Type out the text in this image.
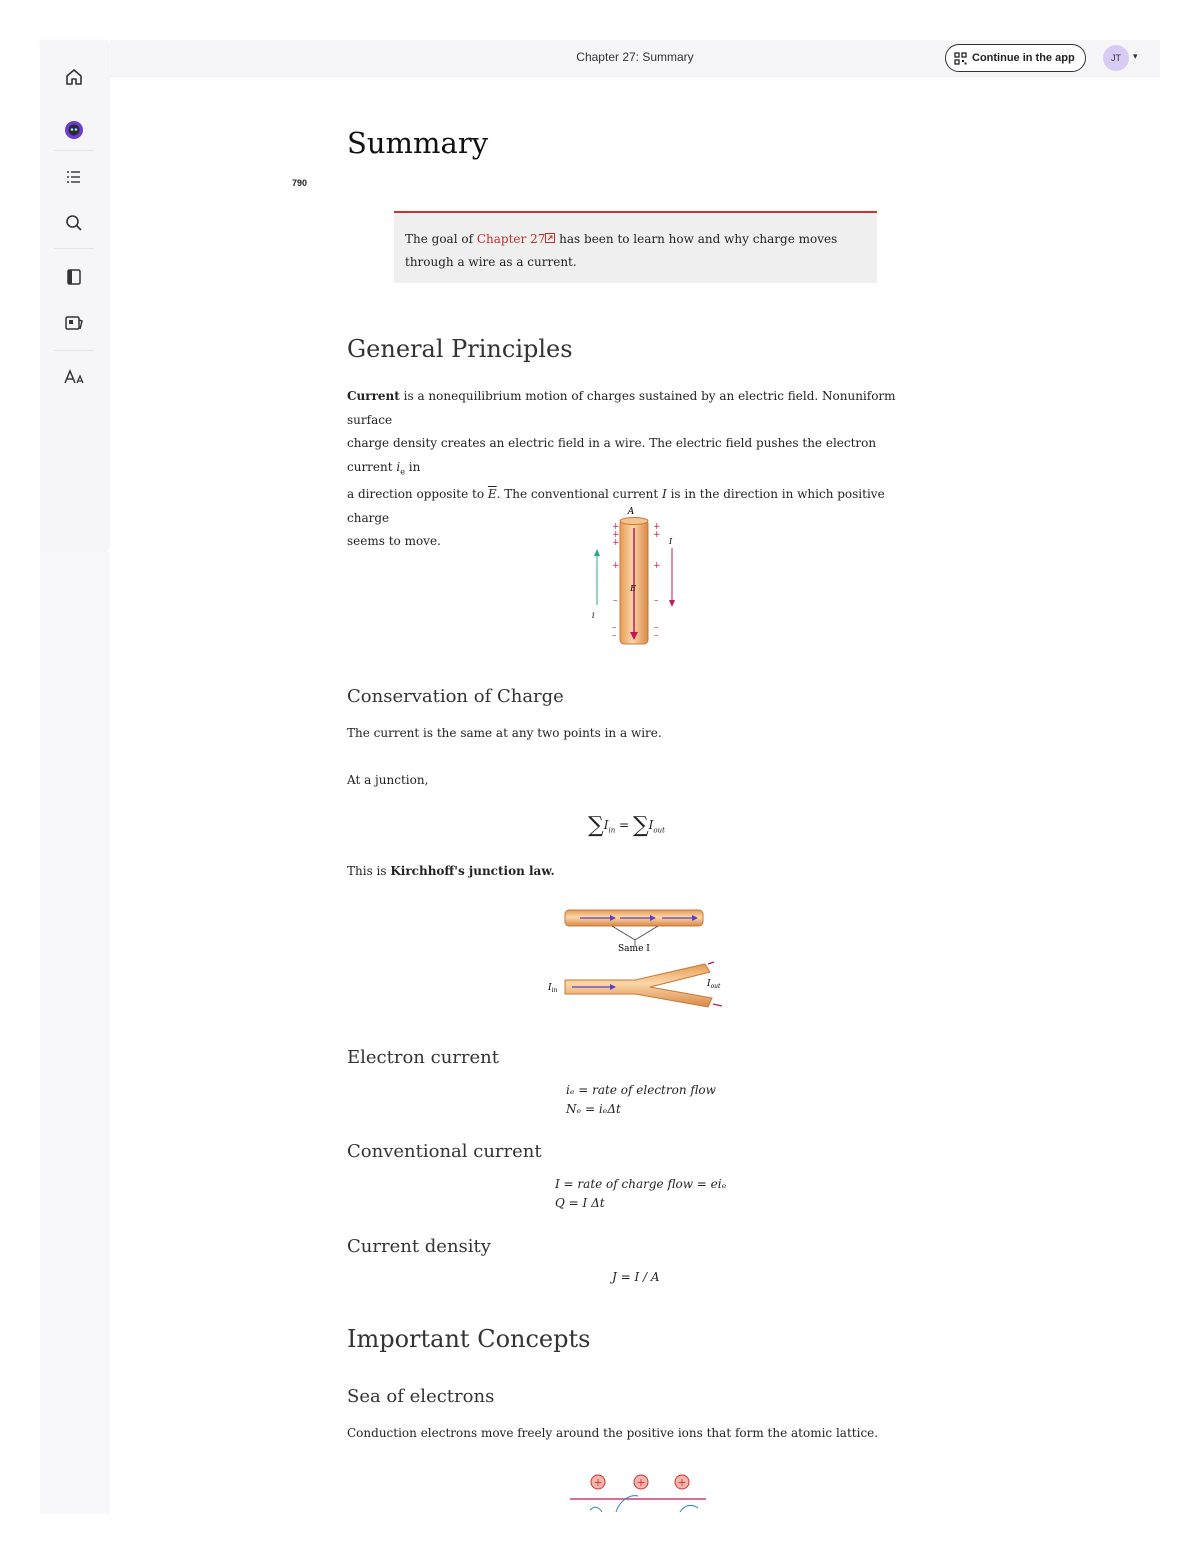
Chapter 27: Summary	Continue in the app	JT	▾
790
Summary
The goal of Chapter 27 has been to learn how and why charge moves
through a wire as a current.
General Principles
Current is a nonequilibrium motion of charges sustained by an electric field. Nonuniform surface
charge density creates an electric field in a wire. The electric field pushes the electron current $i_e$ in
a direction opposite to $\overline{E}$. The conventional current I is in the direction in which positive charge
seems to move.
A
E
+
+
+
+
+
+	+
–	–
–
–
–
–
i
I
Conservation of Charge
The current is the same at any two points in a wire.
At a junction,
$\sum I_{in} = \sum I_{out}$
This is Kirchhoff's junction law.
Same I
$I_{in}$
$I_{out}$
Electron current
iₑ = rate of electron flow
Nₑ = iₑΔt
Conventional current
I = rate of charge flow = eiₑ
Q = I Δt
Current density
J = I / A
Important Concepts
Sea of electrons
Conduction electrons move freely around the positive ions that form the atomic lattice.
+	+	+
